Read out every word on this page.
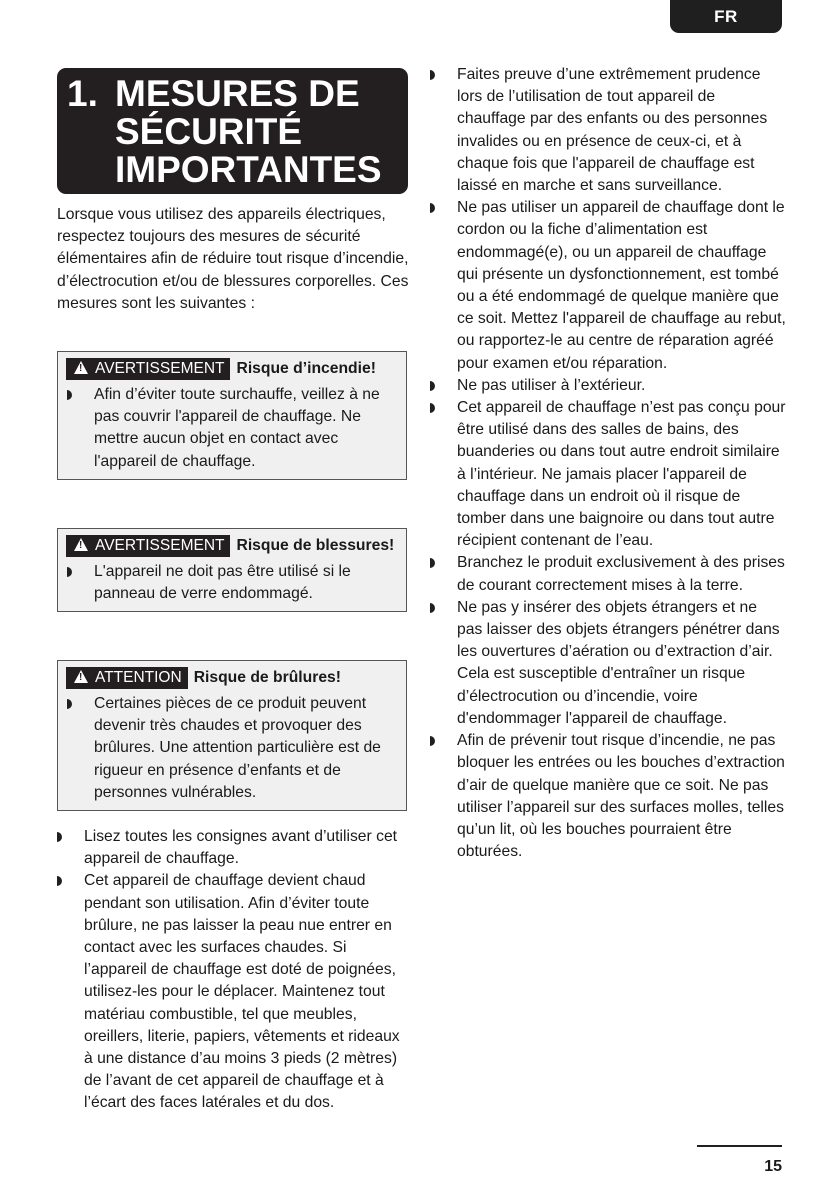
FR
1. MESURES DE
SÉCURITÉ
IMPORTANTES

Lorsque vous utilisez des appareils électriques, respectez toujours des mesures de sécurité élémentaires afin de réduire tout risque d’incendie, d’électrocution et/ou de blessures corporelles. Ces mesures sont les suivantes :

!AVERTISSEMENT Risque d’incendie!
Afin d’éviter toute surchauffe, veillez à ne pas couvrir l'appareil de chauffage. Ne mettre aucun objet en contact avec l'appareil de chauffage.
!AVERTISSEMENT Risque de blessures!
L'appareil ne doit pas être utilisé si le panneau de verre endommagé.
!ATTENTION Risque de brûlures!
Certaines pièces de ce produit peuvent devenir très chaudes et provoquer des brûlures. Une attention particulière est de rigueur en présence d’enfants et de personnes vulnérables.
Lisez toutes les consignes avant d’utiliser cet appareil de chauffage.
Cet appareil de chauffage devient chaud pendant son utilisation. Afin d’éviter toute brûlure, ne pas laisser la peau nue entrer en contact avec les surfaces chaudes. Si l’appareil de chauffage est doté de poignées, utilisez-les pour le déplacer. Maintenez tout matériau combustible, tel que meubles, oreillers, literie, papiers, vêtements et rideaux à une distance d’au moins 3 pieds (2 mètres) de l’avant de cet appareil de chauffage et à l’écart des faces latérales et du dos.
Faites preuve d’une extrêmement prudence lors de l’utilisation de tout appareil de chauffage par des enfants ou des personnes invalides ou en présence de ceux-ci, et à chaque fois que l'appareil de chauffage est laissé en marche et sans surveillance.
Ne pas utiliser un appareil de chauffage dont le cordon ou la fiche d’alimentation est endommagé(e), ou un appareil de chauffage qui présente un dysfonctionnement, est tombé ou a été endommagé de quelque manière que ce soit. Mettez l'appareil de chauffage au rebut, ou rapportez-le au centre de réparation agréé pour examen et/ou réparation.
Ne pas utiliser à l’extérieur.
Cet appareil de chauffage n’est pas conçu pour être utilisé dans des salles de bains, des buanderies ou dans tout autre endroit similaire à l’intérieur. Ne jamais placer l'appareil de chauffage dans un endroit où il risque de tomber dans une baignoire ou dans tout autre récipient contenant de l’eau.
Branchez le produit exclusivement à des prises de courant correctement mises à la terre.
Ne pas y insérer des objets étrangers et ne pas laisser des objets étrangers pénétrer dans les ouvertures d’aération ou d’extraction d’air. Cela est susceptible d'entraîner un risque d’électrocution ou d’incendie, voire d'endommager l'appareil de chauffage.
Afin de prévenir tout risque d’incendie, ne pas bloquer les entrées ou les bouches d’extraction d’air de quelque manière que ce soit. Ne pas utiliser l’appareil sur des surfaces molles, telles qu’un lit, où les bouches pourraient être obturées.
15
